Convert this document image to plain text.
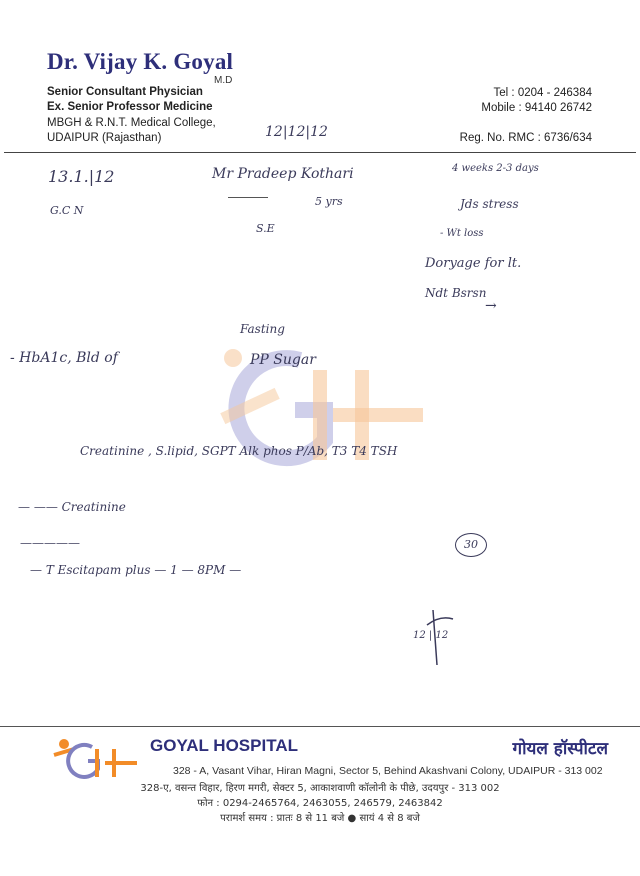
Dr. Vijay K. Goyal
M.D
Senior Consultant Physician
Ex. Senior Professor Medicine
MBGH & R.N.T. Medical College,
UDAIPUR (Rajasthan)
Tel : 0204 - 246384
Mobile : 94140 26742
Reg. No. RMC : 6736/634
12|12|12
13.1.|12
G.C N
Mr Pradeep Kothari
5 yrs
S.E
4 weeks 2-3 days
Jds stress
- Wt loss
Doryage for lt.
Ndt Bsrsn
→
Fasting
- HbA1c, Bld of	PP Sugar
Creatinine , S.lipid, SGPT Alk phos P/Ab, T3 T4 TSH
— —— Creatinine
—————
— T Escitapam plus — 1 — 8PM —
30
12 | 12
GOYAL HOSPITAL	गोयल हॉस्पीटल
328 - A, Vasant Vihar, Hiran Magni, Sector 5, Behind Akashvani Colony, UDAIPUR - 313 002
328-ए, वसन्त विहार, हिरण मगरी, सेक्टर 5, आकाशवाणी कॉलोनी के पीछे, उदयपुर - 313 002
फोन : 0294-2465764, 2463055, 246579, 2463842
परामर्श समय : प्रातः 8 से 11 बजे ● सायं 4 से 8 बजे
